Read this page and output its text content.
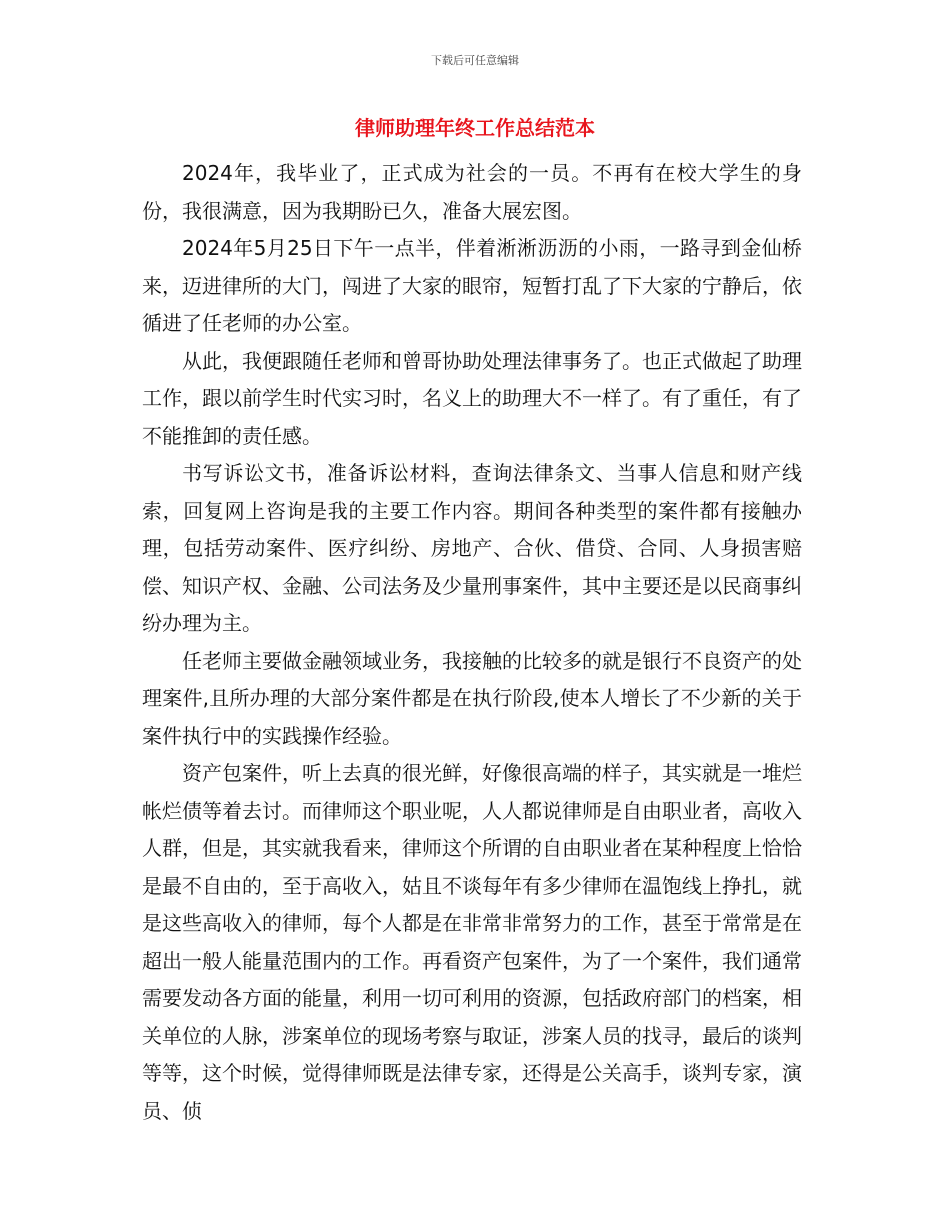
下载后可任意编辑
律师助理年终工作总结范本

2024年，我毕业了，正式成为社会的一员。不再有在校大学生的身份，我很满意，因为我期盼已久，准备大展宏图。

2024年5月25日下午一点半，伴着淅淅沥沥的小雨，一路寻到金仙桥来，迈进律所的大门，闯进了大家的眼帘，短暂打乱了下大家的宁静后，依循进了任老师的办公室。

从此，我便跟随任老师和曾哥协助处理法律事务了。也正式做起了助理工作，跟以前学生时代实习时，名义上的助理大不一样了。有了重任，有了不能推卸的责任感。

书写诉讼文书，准备诉讼材料，查询法律条文、当事人信息和财产线索，回复网上咨询是我的主要工作内容。期间各种类型的案件都有接触办理，包括劳动案件、医疗纠纷、房地产、合伙、借贷、合同、人身损害赔偿、知识产权、金融、公司法务及少量刑事案件，其中主要还是以民商事纠纷办理为主。

任老师主要做金融领域业务，我接触的比较多的就是银行不良资产的处理案件,且所办理的大部分案件都是在执行阶段,使本人增长了不少新的关于案件执行中的实践操作经验。

资产包案件，听上去真的很光鲜，好像很高端的样子，其实就是一堆烂帐烂债等着去讨。而律师这个职业呢，人人都说律师是自由职业者，高收入人群，但是，其实就我看来，律师这个所谓的自由职业者在某种程度上恰恰是最不自由的，至于高收入，姑且不谈每年有多少律师在温饱线上挣扎，就是这些高收入的律师，每个人都是在非常非常努力的工作，甚至于常常是在超出一般人能量范围内的工作。再看资产包案件，为了一个案件，我们通常需要发动各方面的能量，利用一切可利用的资源，包括政府部门的档案，相关单位的人脉，涉案单位的现场考察与取证，涉案人员的找寻，最后的谈判等等，这个时候，觉得律师既是法律专家，还得是公关高手，谈判专家，演员、侦
